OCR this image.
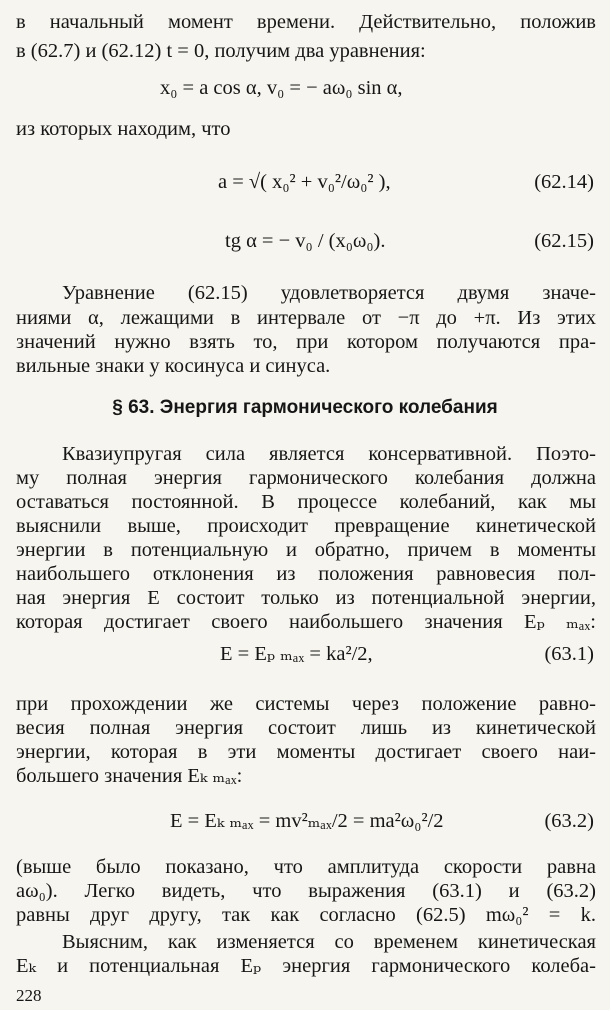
в начальный момент времени. Действительно, положив
в (62.7) и (62.12) t = 0, получим два уравнения:
x₀ = a cos α, v₀ = − aω₀ sin α,
из которых находим, что
a = √( x₀² + v₀²/ω₀² ),	(62.14)
tg α = − v₀ / (x₀ω₀).	(62.15)
Уравнение (62.15) удовлетворяется двумя значе-
ниями α, лежащими в интервале от −π до +π. Из этих
значений нужно взять то, при котором получаются пра-
вильные знаки у косинуса и синуса.
§ 63. Энергия гармонического колебания
Квазиупругая сила является консервативной. Поэто-
му полная энергия гармонического колебания должна
оставаться постоянной. В процессе колебаний, как мы
выяснили выше, происходит превращение кинетической
энергии в потенциальную и обратно, причем в моменты
наибольшего отклонения из положения равновесия пол-
ная энергия E состоит только из потенциальной энергии,
которая достигает своего наибольшего значения Eₚ ₘₐₓ:
E = Eₚ ₘₐₓ = ka²/2,	(63.1)
при прохождении же системы через положение равно-
весия полная энергия состоит лишь из кинетической
энергии, которая в эти моменты достигает своего наи-
большего значения Eₖ ₘₐₓ:
E = Eₖ ₘₐₓ = mv²ₘₐₓ/2 = ma²ω₀²/2	(63.2)
(выше было показано, что амплитуда скорости равна
aω₀). Легко видеть, что выражения (63.1) и (63.2)
равны друг другу, так как согласно (62.5) mω₀² = k.
Выясним, как изменяется со временем кинетическая
Eₖ и потенциальная Eₚ энергия гармонического колеба-
228
